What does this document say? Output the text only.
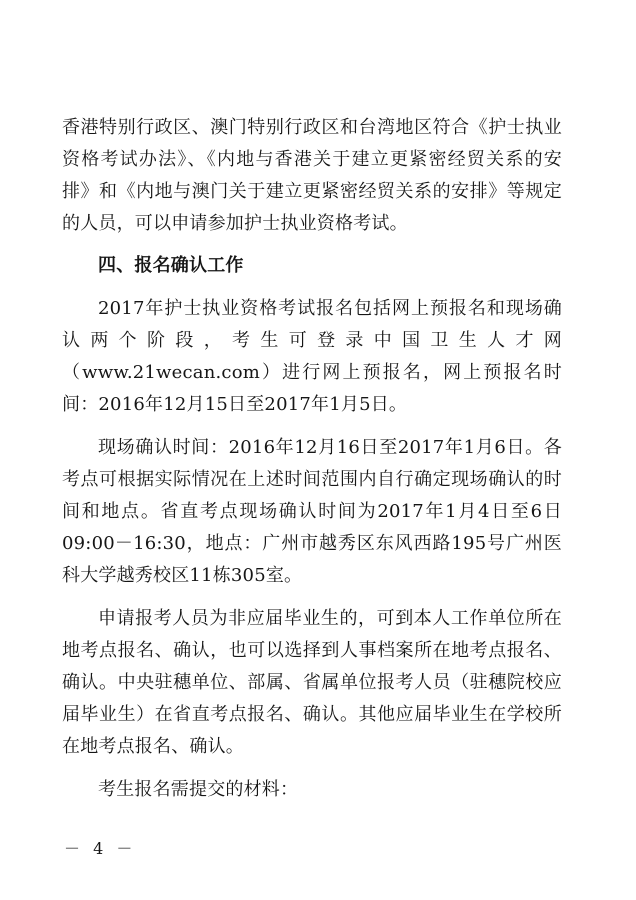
香港特别行政区、澳门特别行政区和台湾地区符合《护士执业资格考试办法》、《内地与香港关于建立更紧密经贸关系的安排》和《内地与澳门关于建立更紧密经贸关系的安排》等规定的人员，可以申请参加护士执业资格考试。

四、报名确认工作

2017年护士执业资格考试报名包括网上预报名和现场确认两个阶段，考生可登录中国卫生人才网（www.21wecan.com）进行网上预报名，网上预报名时间：2016年12月15日至2017年1月5日。

现场确认时间：2016年12月16日至2017年1月6日。各考点可根据实际情况在上述时间范围内自行确定现场确认的时间和地点。省直考点现场确认时间为2017年1月4日至6日09:00－16:30，地点：广州市越秀区东风西路195号广州医科大学越秀校区11栋305室。

申请报考人员为非应届毕业生的，可到本人工作单位所在地考点报名、确认，也可以选择到人事档案所在地考点报名、确认。中央驻穗单位、部属、省属单位报考人员（驻穗院校应届毕业生）在省直考点报名、确认。其他应届毕业生在学校所在地考点报名、确认。

考生报名需提交的材料：

－ 4 －
